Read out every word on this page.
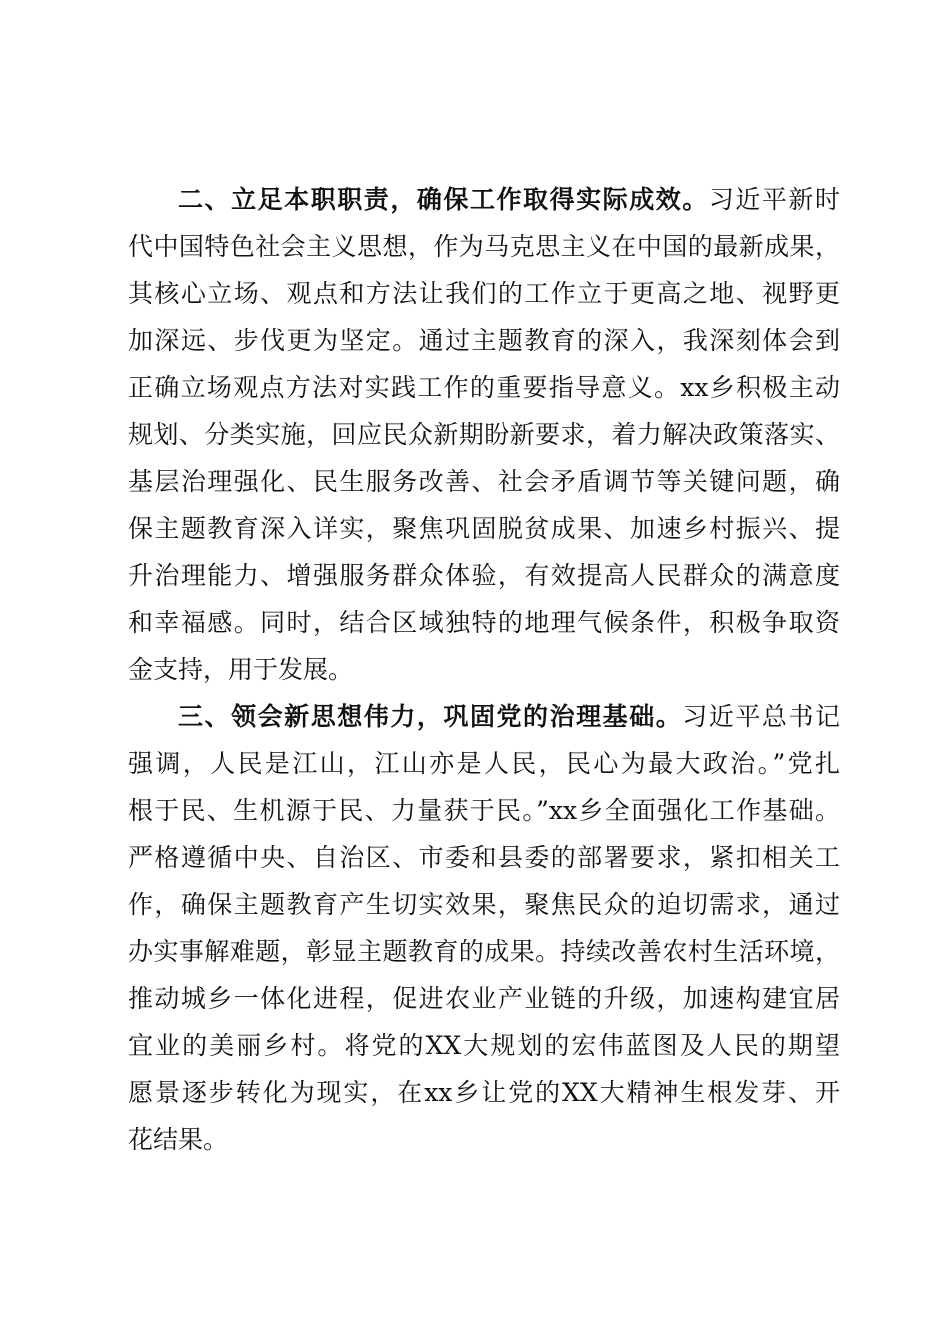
二、立足本职职责，确保工作取得实际成效。习近平新时
代中国特色社会主义思想，作为马克思主义在中国的最新成果，
其核心立场、观点和方法让我们的工作立于更高之地、视野更
加深远、步伐更为坚定。通过主题教育的深入，我深刻体会到
正确立场观点方法对实践工作的重要指导意义。xx乡积极主动
规划、分类实施，回应民众新期盼新要求，着力解决政策落实、
基层治理强化、民生服务改善、社会矛盾调节等关键问题，确
保主题教育深入详实，聚焦巩固脱贫成果、加速乡村振兴、提
升治理能力、增强服务群众体验，有效提高人民群众的满意度
和幸福感。同时，结合区域独特的地理气候条件，积极争取资
金支持，用于发展。
三、领会新思想伟力，巩固党的治理基础。习近平总书记
强调，人民是江山，江山亦是人民，民心为最大政治。”党扎
根于民、生机源于民、力量获于民。”xx乡全面强化工作基础。
严格遵循中央、自治区、市委和县委的部署要求，紧扣相关工
作，确保主题教育产生切实效果，聚焦民众的迫切需求，通过
办实事解难题，彰显主题教育的成果。持续改善农村生活环境，
推动城乡一体化进程，促进农业产业链的升级，加速构建宜居
宜业的美丽乡村。将党的XX大规划的宏伟蓝图及人民的期望
愿景逐步转化为现实，在xx乡让党的XX大精神生根发芽、开
花结果。
